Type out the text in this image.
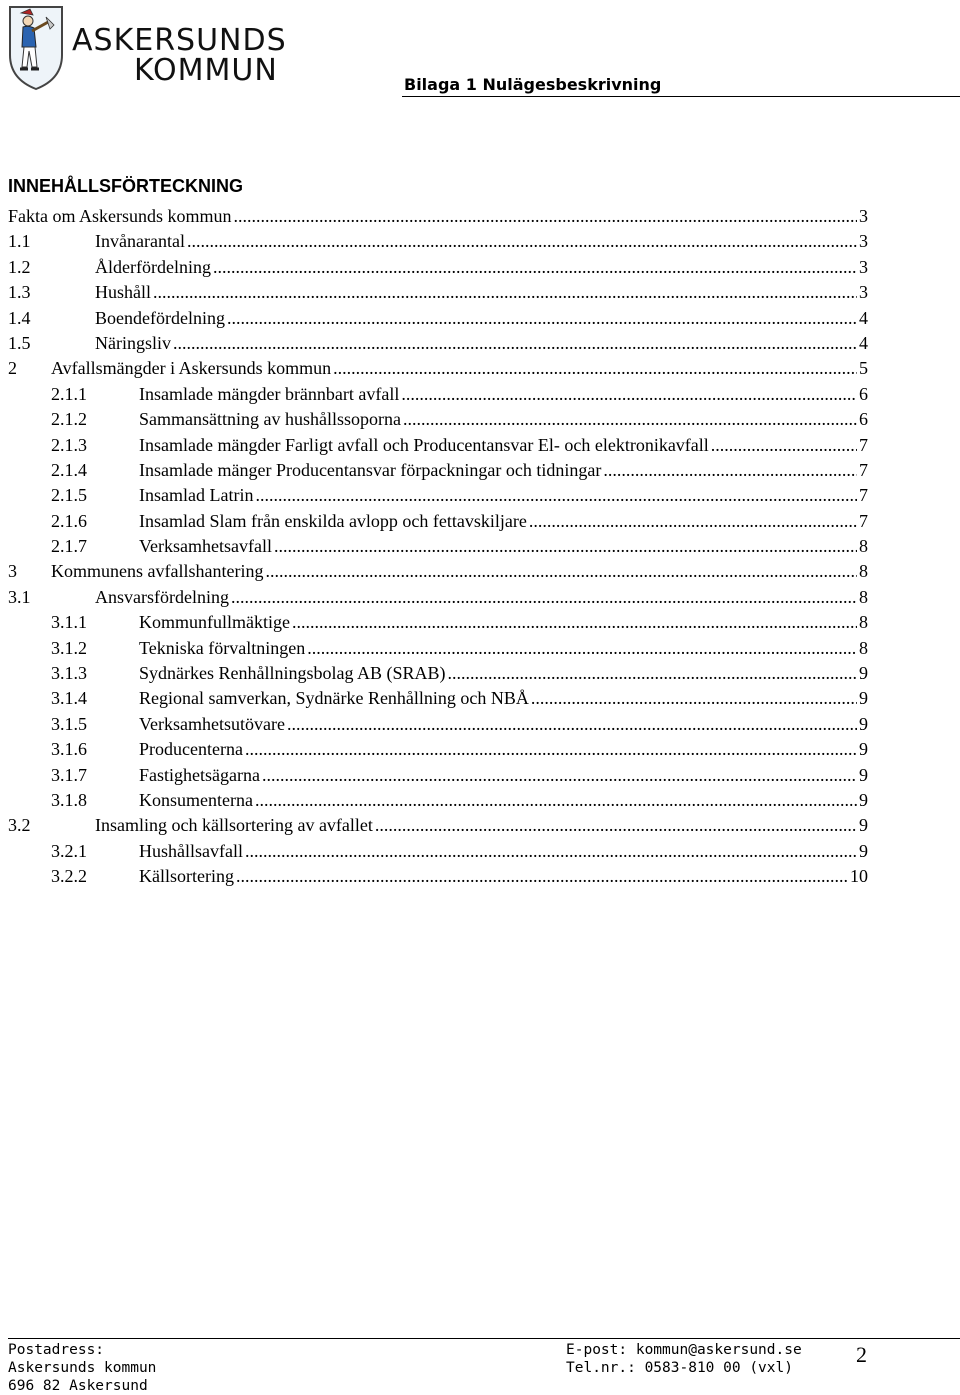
ASKERSUNDS
KOMMUN	Bilaga 1 Nulägesbeskrivning
INNEHÅLLSFÖRTECKNING
Fakta om Askersunds kommun .....	3
1.1	Invånarantal .....	3
1.2	Ålderfördelning .....	3
1.3	Hushåll .....	3
1.4	Boendefördelning .....	4
1.5	Näringsliv .....	4
2 Avfallsmängder i Askersunds kommun .....	5
2.1.1	Insamlade mängder brännbart avfall .....	6
2.1.2	Sammansättning av hushållssoporna .....	6
2.1.3	Insamlade mängder Farligt avfall och Producentansvar El- och elektronikavfall .....	7
2.1.4	Insamlade mänger Producentansvar förpackningar och tidningar .....	7
2.1.5	Insamlad Latrin .....	7
2.1.6	Insamlad Slam från enskilda avlopp och fettavskiljare .....	7
2.1.7	Verksamhetsavfall .....	8
3 Kommunens avfallshantering .....	8
3.1	Ansvarsfördelning .....	8
3.1.1	Kommunfullmäktige .....	8
3.1.2	Tekniska förvaltningen .....	8
3.1.3	Sydnärkes Renhållningsbolag AB (SRAB) .....	9
3.1.4	Regional samverkan, Sydnärke Renhållning och NBÅ .....	9
3.1.5	Verksamhetsutövare .....	9
3.1.6	Producenterna .....	9
3.1.7	Fastighetsägarna .....	9
3.1.8	Konsumenterna .....	9
3.2	Insamling och källsortering av avfallet .....	9
3.2.1	Hushållsavfall .....	9
3.2.2	Källsortering .....	10
Postadress:
Askersunds kommun
696 82 Askersund
E-post: kommun@askersund.se
Tel.nr.: 0583-810 00 (vxl)
2
